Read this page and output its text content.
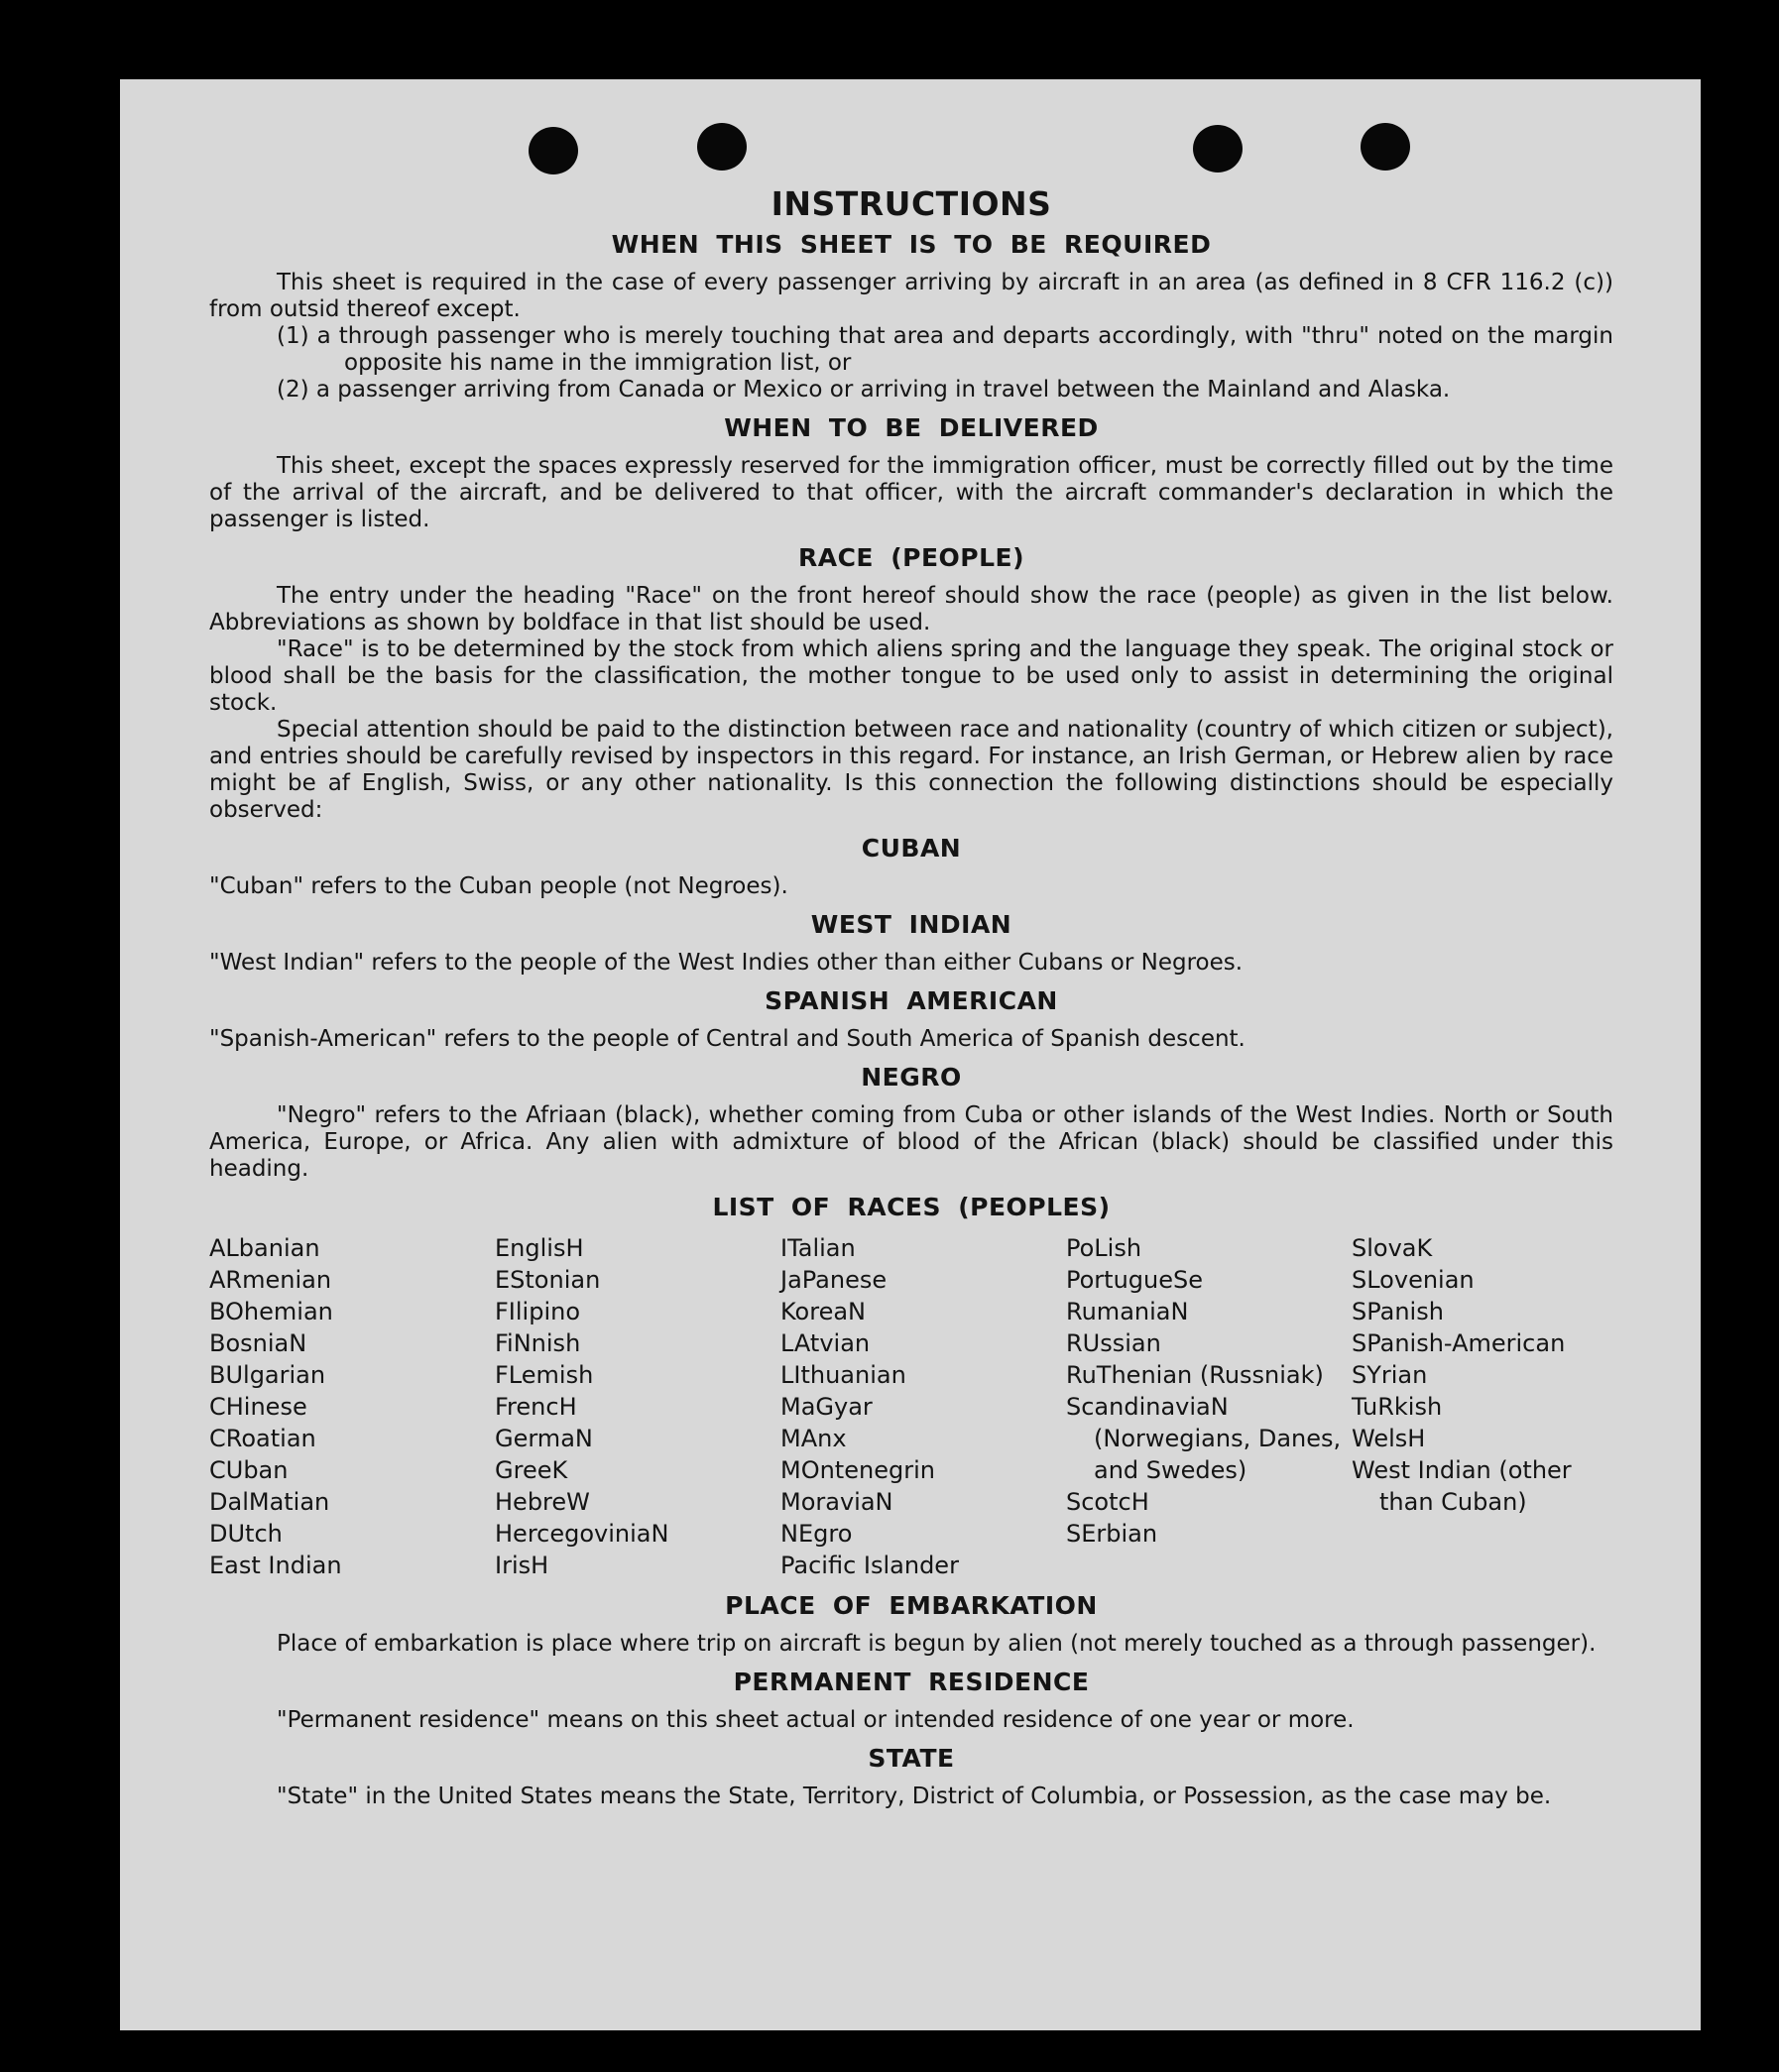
INSTRUCTIONS
WHEN THIS SHEET IS TO BE REQUIRED

This sheet is required in the case of every passenger arriving by aircraft in an area (as defined in 8 CFR 116.2 (c)) from outsid thereof except.

(1) a through passenger who is merely touching that area and departs accordingly, with "thru" noted on the margin opposite his name in the immigration list, or

(2) a passenger arriving from Canada or Mexico or arriving in travel between the Mainland and Alaska.

WHEN TO BE DELIVERED

This sheet, except the spaces expressly reserved for the immigration officer, must be correctly filled out by the time of the arrival of the aircraft, and be delivered to that officer, with the aircraft commander's declaration in which the passenger is listed.

RACE (PEOPLE)

The entry under the heading "Race" on the front hereof should show the race (people) as given in the list below. Abbreviations as shown by boldface in that list should be used.

"Race" is to be determined by the stock from which aliens spring and the language they speak. The original stock or blood shall be the basis for the classification, the mother tongue to be used only to assist in determining the original stock.

Special attention should be paid to the distinction between race and nationality (country of which citizen or subject), and entries should be carefully revised by inspectors in this regard. For instance, an Irish German, or Hebrew alien by race might be af English, Swiss, or any other nationality. Is this connection the following distinctions should be especially observed:

CUBAN

"Cuban" refers to the Cuban people (not Negroes).

WEST INDIAN

"West Indian" refers to the people of the West Indies other than either Cubans or Negroes.

SPANISH AMERICAN

"Spanish-American" refers to the people of Central and South America of Spanish descent.

NEGRO

"Negro" refers to the Afriaan (black), whether coming from Cuba or other islands of the West Indies. North or South America, Europe, or Africa. Any alien with admixture of blood of the African (black) should be classified under this heading.

LIST OF RACES (PEOPLES)
ALbanian
ARmenian
BOhemian
BosniaN
BUlgarian
CHinese
CRoatian
CUban
DalMatian
DUtch
East Indian
EnglisH
EStonian
FIlipino
FiNnish
FLemish
FrencH
GermaN
GreeK
HebreW
HercegoviniaN
IrisH
ITalian
JaPanese
KoreaN
LAtvian
LIthuanian
MaGyar
MAnx
MOntenegrin
MoraviaN
NEgro
Pacific Islander
PoLish
PortugueSe
RumaniaN
RUssian
RuThenian (Russniak)
ScandinaviaN (Norwegians, Danes, and Swedes)
ScotcH
SErbian
SlovaK
SLovenian
SPanish
SPanish-American
SYrian
TuRkish
WelsH
West Indian (other than Cuban)
PLACE OF EMBARKATION

Place of embarkation is place where trip on aircraft is begun by alien (not merely touched as a through passenger).

PERMANENT RESIDENCE

"Permanent residence" means on this sheet actual or intended residence of one year or more.

STATE

"State" in the United States means the State, Territory, District of Columbia, or Possession, as the case may be.
